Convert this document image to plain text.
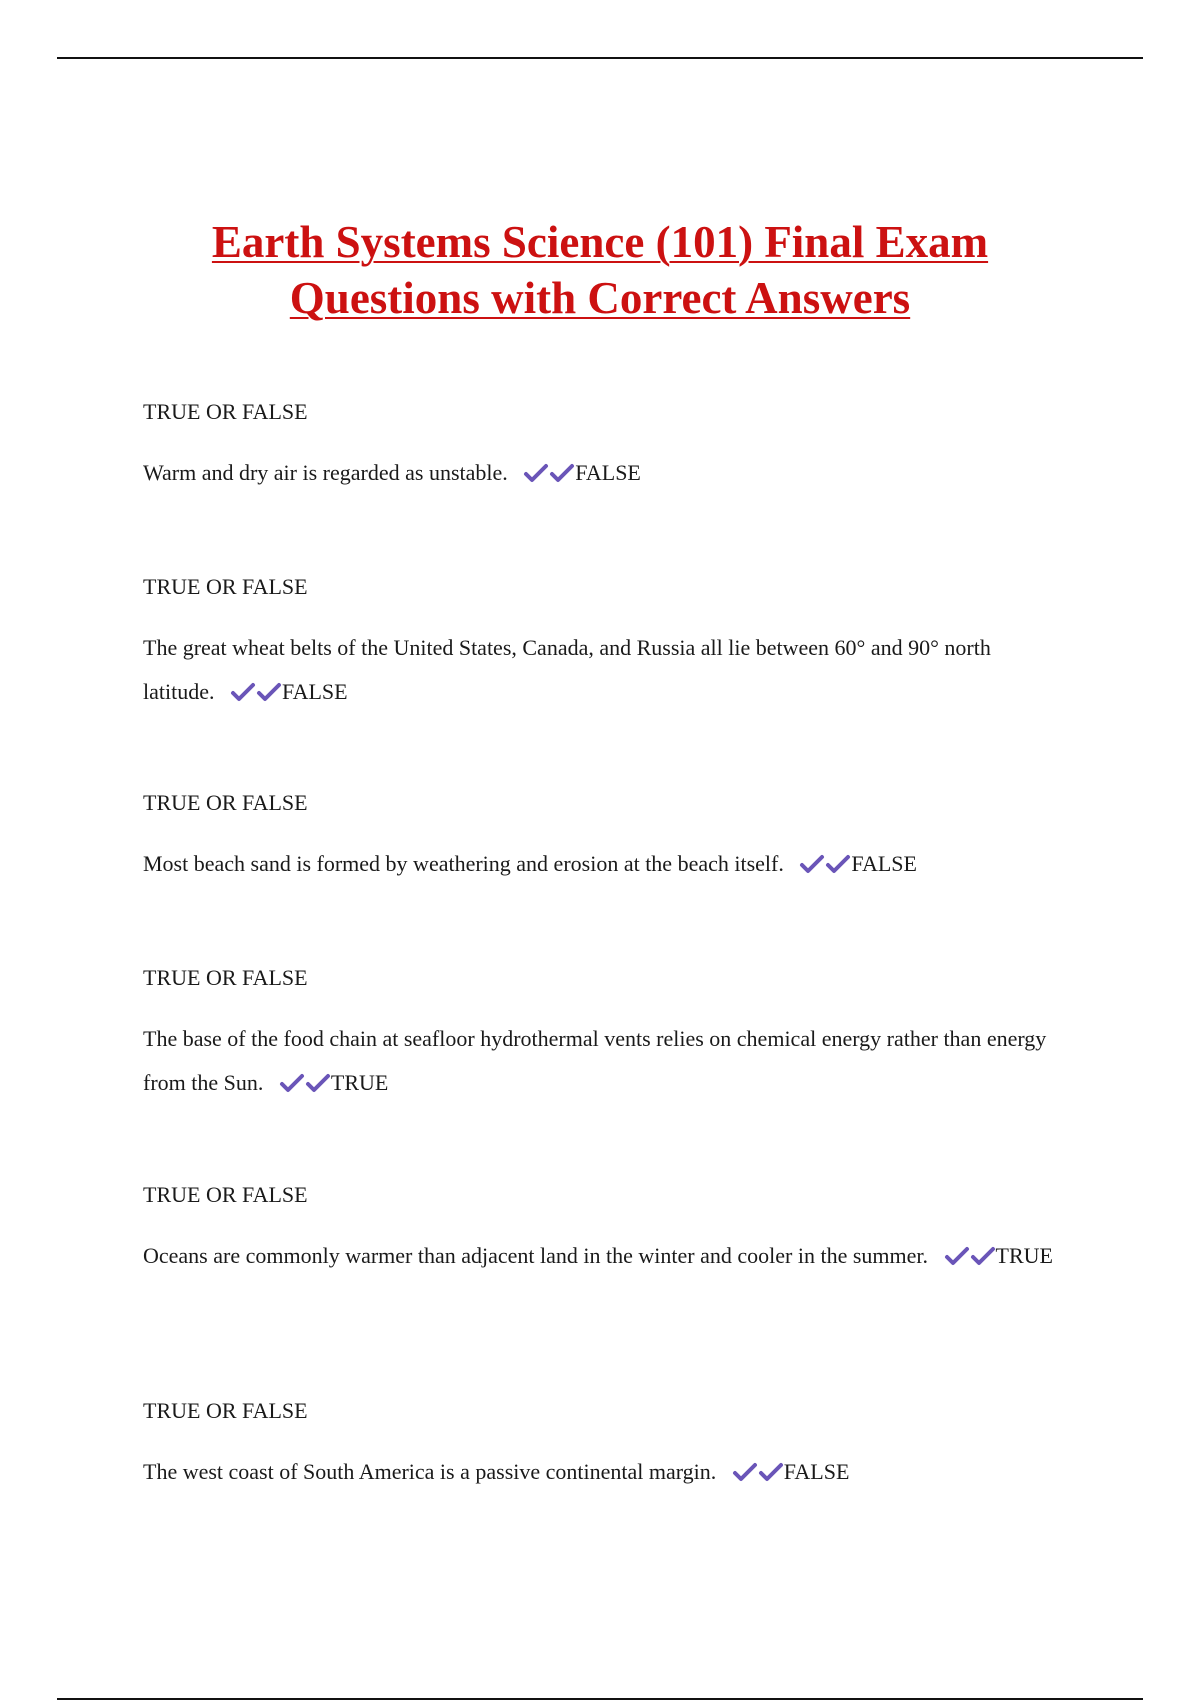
Earth Systems Science (101) Final Exam
Questions with Correct Answers

TRUE OR FALSE

Warm and dry air is regarded as unstable.	FALSE

TRUE OR FALSE

The great wheat belts of the United States, Canada, and Russia all lie between 60° and 90° north latitude.	FALSE

TRUE OR FALSE

Most beach sand is formed by weathering and erosion at the beach itself.	FALSE

TRUE OR FALSE

The base of the food chain at seafloor hydrothermal vents relies on chemical energy rather than energy from the Sun.	TRUE

TRUE OR FALSE

Oceans are commonly warmer than adjacent land in the winter and cooler in the summer.	TRUE

TRUE OR FALSE

The west coast of South America is a passive continental margin.	FALSE
